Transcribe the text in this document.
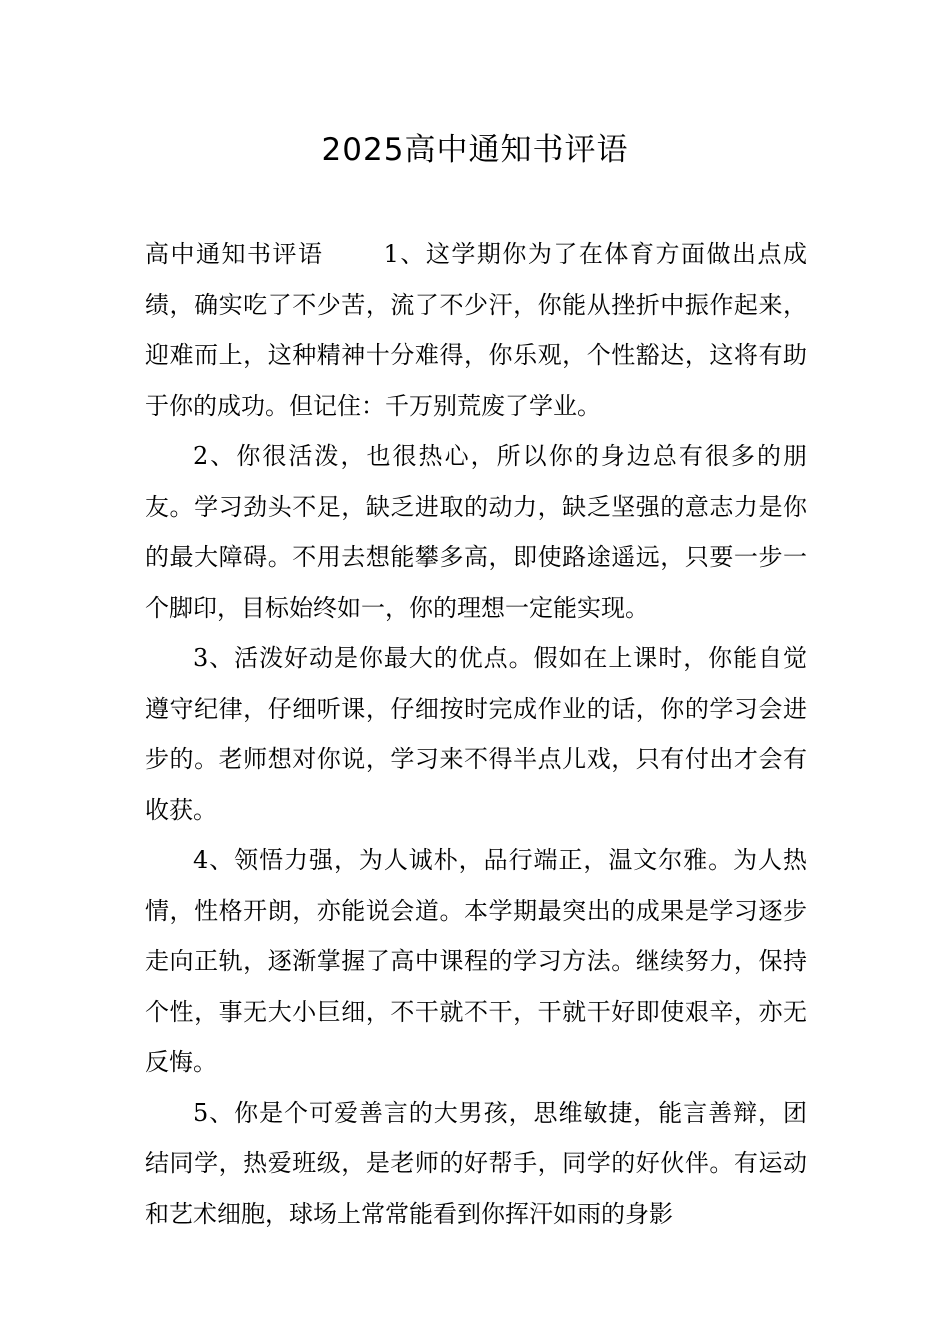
2025高中通知书评语

高中通知书评语	1、这学期你为了在体育方面做出点成绩，确实吃了不少苦，流了不少汗，你能从挫折中振作起来，迎难而上，这种精神十分难得，你乐观，个性豁达，这将有助于你的成功。但记住：千万别荒废了学业。

2、你很活泼，也很热心，所以你的身边总有很多的朋友。学习劲头不足，缺乏进取的动力，缺乏坚强的意志力是你的最大障碍。不用去想能攀多高，即使路途遥远，只要一步一个脚印，目标始终如一，你的理想一定能实现。

3、活泼好动是你最大的优点。假如在上课时，你能自觉遵守纪律，仔细听课，仔细按时完成作业的话，你的学习会进步的。老师想对你说，学习来不得半点儿戏，只有付出才会有收获。

4、领悟力强，为人诚朴，品行端正，温文尔雅。为人热情，性格开朗，亦能说会道。本学期最突出的成果是学习逐步走向正轨，逐渐掌握了高中课程的学习方法。继续努力，保持个性，事无大小巨细，不干就不干，干就干好即使艰辛，亦无反悔。

5、你是个可爱善言的大男孩，思维敏捷，能言善辩，团结同学，热爱班级，是老师的好帮手，同学的好伙伴。有运动和艺术细胞，球场上常常能看到你挥汗如雨的身影
